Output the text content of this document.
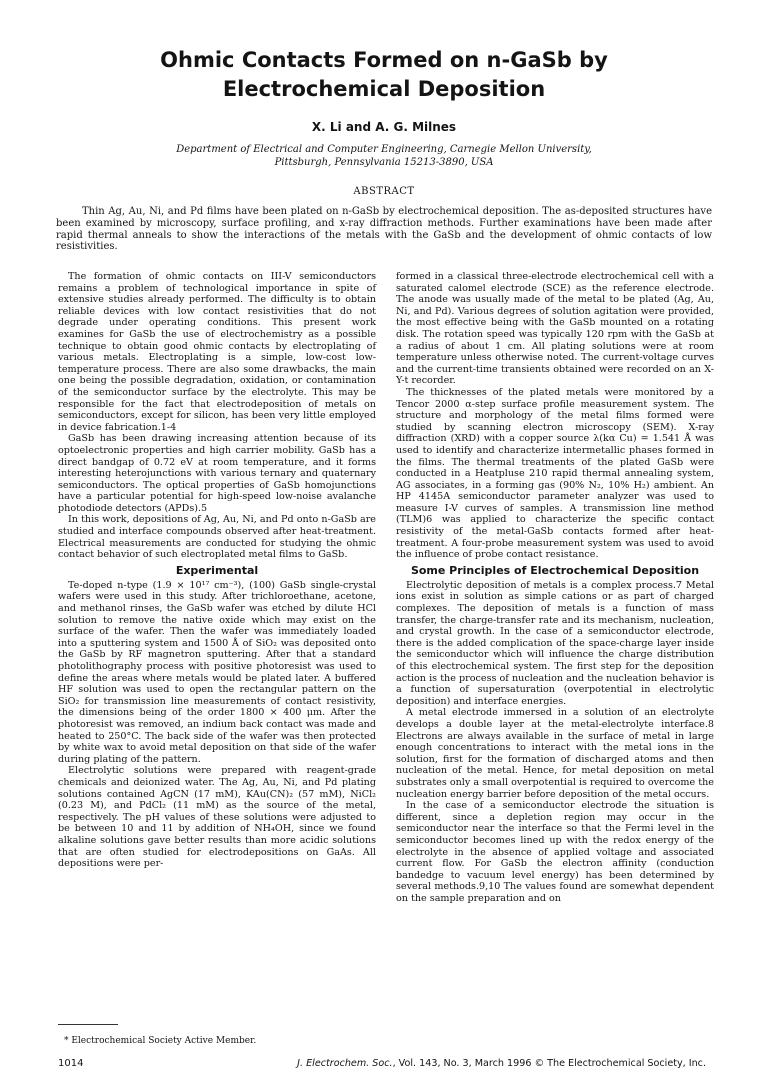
Ohmic Contacts Formed on n-GaSb by
Electrochemical Deposition
X. Li and A. G. Milnes
Department of Electrical and Computer Engineering, Carnegie Mellon University,
Pittsburgh, Pennsylvania 15213-3890, USA
ABSTRACT

Thin Ag, Au, Ni, and Pd films have been plated on n-GaSb by electrochemical deposition. The as-deposited structures have been examined by microscopy, surface profiling, and x-ray diffraction methods. Further examinations have been made after rapid thermal anneals to show the interactions of the metals with the GaSb and the development of ohmic contacts of low resistivities.

The formation of ohmic contacts on III-V semiconductors remains a problem of technological importance in spite of extensive studies already performed. The difficulty is to obtain reliable devices with low contact resistivities that do not degrade under operating conditions. This present work examines for GaSb the use of electrochemistry as a possible technique to obtain good ohmic contacts by electroplating of various metals. Electroplating is a simple, low-cost low-temperature process. There are also some drawbacks, the main one being the possible degradation, oxidation, or contamination of the semiconductor surface by the electrolyte. This may be responsible for the fact that electrodeposition of metals on semiconductors, except for silicon, has been very little employed in device fabrication.1-4

GaSb has been drawing increasing attention because of its optoelectronic properties and high carrier mobility. GaSb has a direct bandgap of 0.72 eV at room temperature, and it forms interesting heterojunctions with various ternary and quaternary semiconductors. The optical properties of GaSb homojunctions have a particular potential for high-speed low-noise avalanche photodiode detectors (APDs).5

In this work, depositions of Ag, Au, Ni, and Pd onto n-GaSb are studied and interface compounds observed after heat-treatment. Electrical measurements are conducted for studying the ohmic contact behavior of such electroplated metal films to GaSb.

Experimental

Te-doped n-type (1.9 × 10¹⁷ cm⁻³), (100) GaSb single-crystal wafers were used in this study. After trichloroethane, acetone, and methanol rinses, the GaSb wafer was etched by dilute HCl solution to remove the native oxide which may exist on the surface of the wafer. Then the wafer was immediately loaded into a sputtering system and 1500 Å of SiO₂ was deposited onto the GaSb by RF magnetron sputtering. After that a standard photolithography process with positive photoresist was used to define the areas where metals would be plated later. A buffered HF solution was used to open the rectangular pattern on the SiO₂ for transmission line measurements of contact resistivity, the dimensions being of the order 1800 × 400 μm. After the photoresist was removed, an indium back contact was made and heated to 250°C. The back side of the wafer was then protected by white wax to avoid metal deposition on that side of the wafer during plating of the pattern.

Electrolytic solutions were prepared with reagent-grade chemicals and deionized water. The Ag, Au, Ni, and Pd plating solutions contained AgCN (17 mM), KAu(CN)₂ (57 mM), NiCl₂ (0.23 M), and PdCl₂ (11 mM) as the source of the metal, respectively. The pH values of these solutions were adjusted to be between 10 and 11 by addition of NH₄OH, since we found alkaline solutions gave better results than more acidic solutions that are often studied for electrodepositions on GaAs. All depositions were per-

formed in a classical three-electrode electrochemical cell with a saturated calomel electrode (SCE) as the reference electrode. The anode was usually made of the metal to be plated (Ag, Au, Ni, and Pd). Various degrees of solution agitation were provided, the most effective being with the GaSb mounted on a rotating disk. The rotation speed was typically 120 rpm with the GaSb at a radius of about 1 cm. All plating solutions were at room temperature unless otherwise noted. The current-voltage curves and the current-time transients obtained were recorded on an X-Y-t recorder.

The thicknesses of the plated metals were monitored by a Tencor 2000 α-step surface profile measurement system. The structure and morphology of the metal films formed were studied by scanning electron microscopy (SEM). X-ray diffraction (XRD) with a copper source λ(kα Cu) = 1.541 Å was used to identify and characterize intermetallic phases formed in the films. The thermal treatments of the plated GaSb were conducted in a Heatpluse 210 rapid thermal annealing system, AG associates, in a forming gas (90% N₂, 10% H₂) ambient. An HP 4145A semiconductor parameter analyzer was used to measure I-V curves of samples. A transmission line method (TLM)6 was applied to characterize the specific contact resistivity of the metal-GaSb contacts formed after heat-treatment. A four-probe measurement system was used to avoid the influence of probe contact resistance.

Some Principles of Electrochemical Deposition

Electrolytic deposition of metals is a complex process.7 Metal ions exist in solution as simple cations or as part of charged complexes. The deposition of metals is a function of mass transfer, the charge-transfer rate and its mechanism, nucleation, and crystal growth. In the case of a semiconductor electrode, there is the added complication of the space-charge layer inside the semiconductor which will influence the charge distribution of this electrochemical system. The first step for the deposition action is the process of nucleation and the nucleation behavior is a function of supersaturation (overpotential in electrolytic deposition) and interface energies.

A metal electrode immersed in a solution of an electrolyte develops a double layer at the metal-electrolyte interface.8 Electrons are always available in the surface of metal in large enough concentrations to interact with the metal ions in the solution, first for the formation of discharged atoms and then nucleation of the metal. Hence, for metal deposition on metal substrates only a small overpotential is required to overcome the nucleation energy barrier before deposition of the metal occurs.

In the case of a semiconductor electrode the situation is different, since a depletion region may occur in the semiconductor near the interface so that the Fermi level in the semiconductor becomes lined up with the redox energy of the electrolyte in the absence of applied voltage and associated current flow. For GaSb the electron affinity (conduction bandedge to vacuum level energy) has been determined by several methods.9,10 The values found are somewhat dependent on the sample preparation and on

* Electrochemical Society Active Member.
1014	J. Electrochem. Soc., Vol. 143, No. 3, March 1996 © The Electrochemical Society, Inc.
